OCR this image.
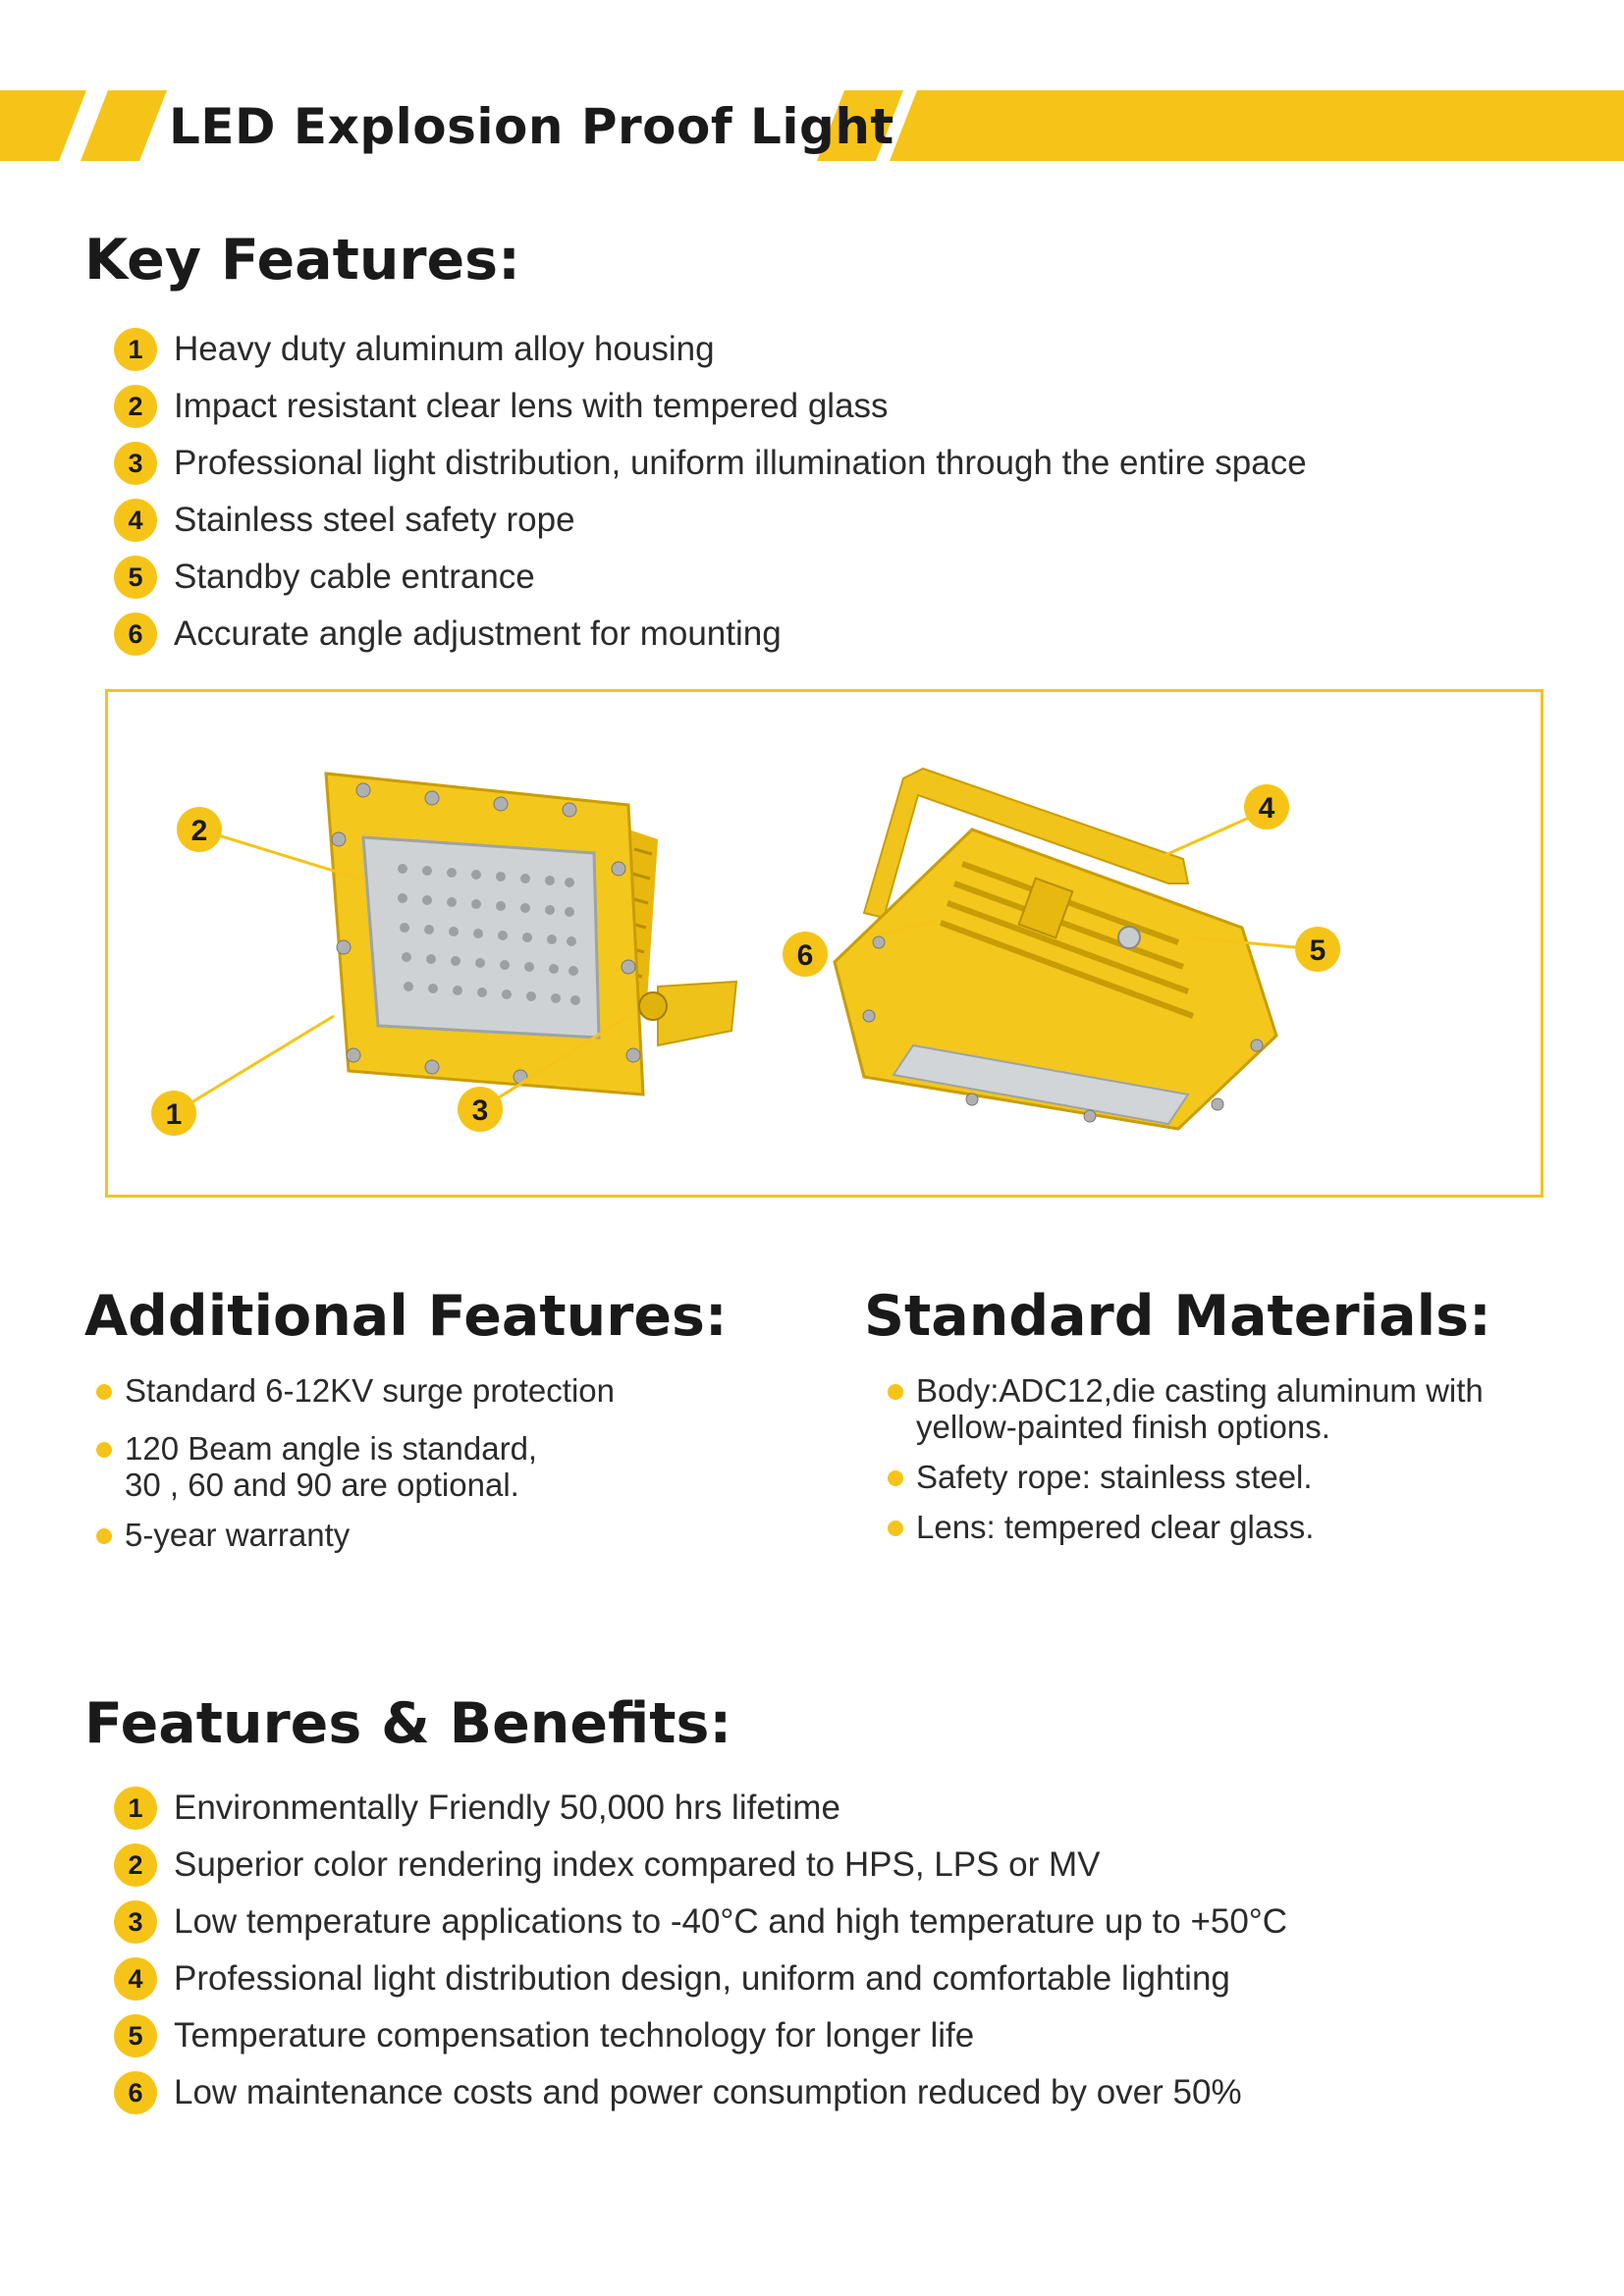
LED Explosion Proof Light
Key Features:
1 Heavy duty aluminum alloy housing
2 Impact resistant clear lens with tempered glass
3 Professional light distribution, uniform illumination through the entire space
4 Stainless steel safety rope
5 Standby cable entrance
6 Accurate angle adjustment for mounting
1
2
3
4
5
6
Additional Features:
Standard 6-12KV surge protection
120 Beam angle is standard,
30 , 60 and 90 are optional.
5-year warranty
Standard Materials:
Body:ADC12,die casting aluminum with
yellow-painted finish options.
Safety rope: stainless steel.
Lens: tempered clear glass.
Features & Benefits:
1 Environmentally Friendly 50,000 hrs lifetime
2 Superior color rendering index compared to HPS, LPS or MV
3 Low temperature applications to -40°C and high temperature up to +50°C
4 Professional light distribution design, uniform and comfortable lighting
5 Temperature compensation technology for longer life
6 Low maintenance costs and power consumption reduced by over 50%
